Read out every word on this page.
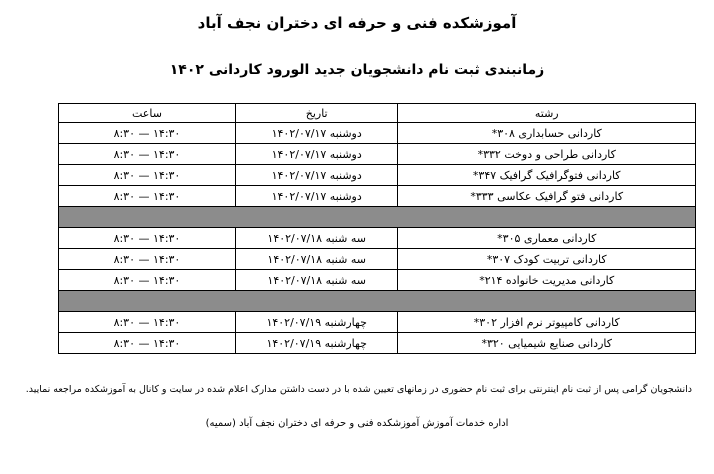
آموزشکده فنی و حرفه ای دختران نجف آباد
زمانبندی ثبت نام دانشجویان جدید الورود کاردانی ۱۴۰۲
رشته	تاریخ	ساعت
کاردانی حسابداری ۳۰۸*	دوشنبه ۱۴۰۲/۰۷/۱۷	۱۴:۳۰ — ۸:۳۰
کاردانی طراحی و دوخت ۳۳۲*	دوشنبه ۱۴۰۲/۰۷/۱۷	۱۴:۳۰ — ۸:۳۰
کاردانی فتوگرافیک گرافیک ۳۴۷*	دوشنبه ۱۴۰۲/۰۷/۱۷	۱۴:۳۰ — ۸:۳۰
کاردانی فتو گرافیک عکاسی ۳۳۳*	دوشنبه ۱۴۰۲/۰۷/۱۷	۱۴:۳۰ — ۸:۳۰

کاردانی معماری ۳۰۵*	سه شنبه ۱۴۰۲/۰۷/۱۸	۱۴:۳۰ — ۸:۳۰
کاردانی تربیت کودک ۳۰۷*	سه شنبه ۱۴۰۲/۰۷/۱۸	۱۴:۳۰ — ۸:۳۰
کاردانی مدیریت خانواده ۲۱۴*	سه شنبه ۱۴۰۲/۰۷/۱۸	۱۴:۳۰ — ۸:۳۰

کاردانی کامپیوتر نرم افزار ۳۰۲*	چهارشنبه ۱۴۰۲/۰۷/۱۹	۱۴:۳۰ — ۸:۳۰
کاردانی صنایع شیمیایی ۳۲۰*	چهارشنبه ۱۴۰۲/۰۷/۱۹	۱۴:۳۰ — ۸:۳۰
دانشجویان گرامی پس از ثبت نام اینترنتی برای ثبت نام حضوری در زمانهای تعیین شده با در دست داشتن مدارک اعلام شده در سایت و کانال به آموزشکده مراجعه نمایید.
اداره خدمات آموزش آموزشکده فنی و حرفه ای دختران نجف آباد (سمیه)
